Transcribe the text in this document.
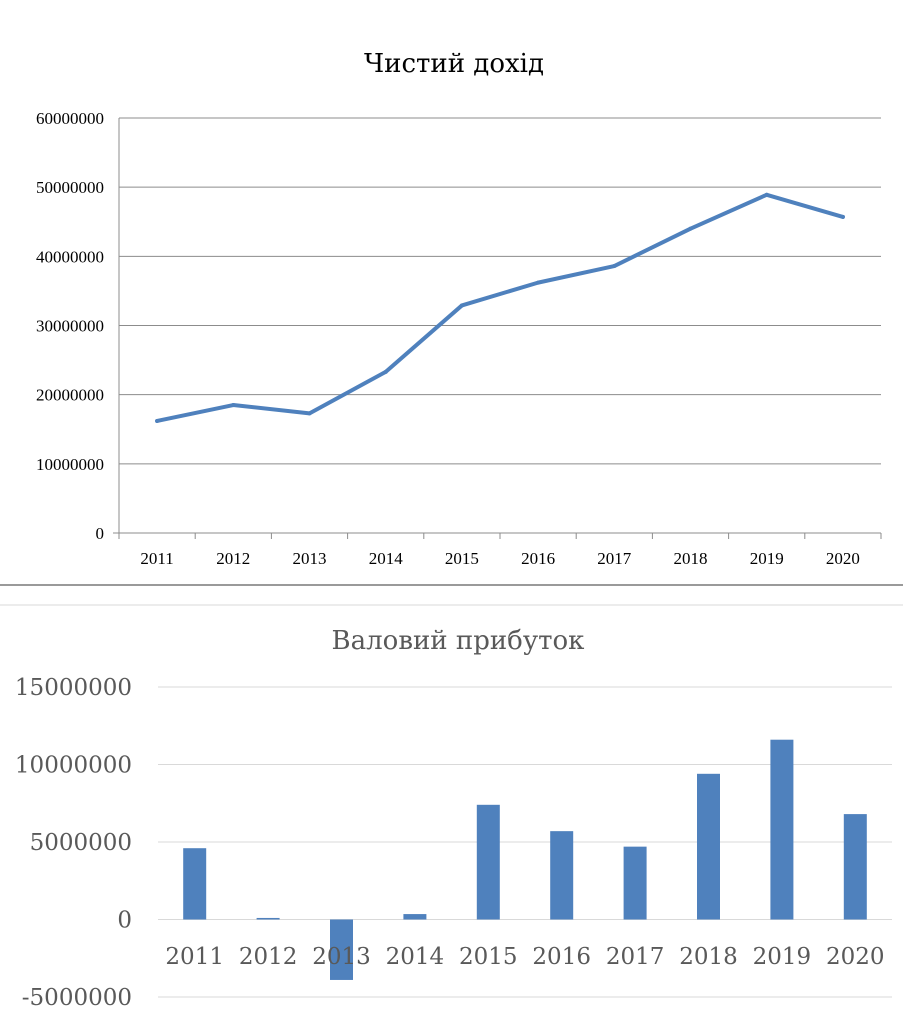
Чистий дохід
0
10000000
20000000
30000000
40000000
50000000
60000000
2011	2012 2013 2014 2015 2016 2017 2018 2019 2020
Валовий прибуток
-5000000
0
5000000
10000000
15000000
2011 2012 2013 2014 2015 2016 2017 2018 2019 2020
